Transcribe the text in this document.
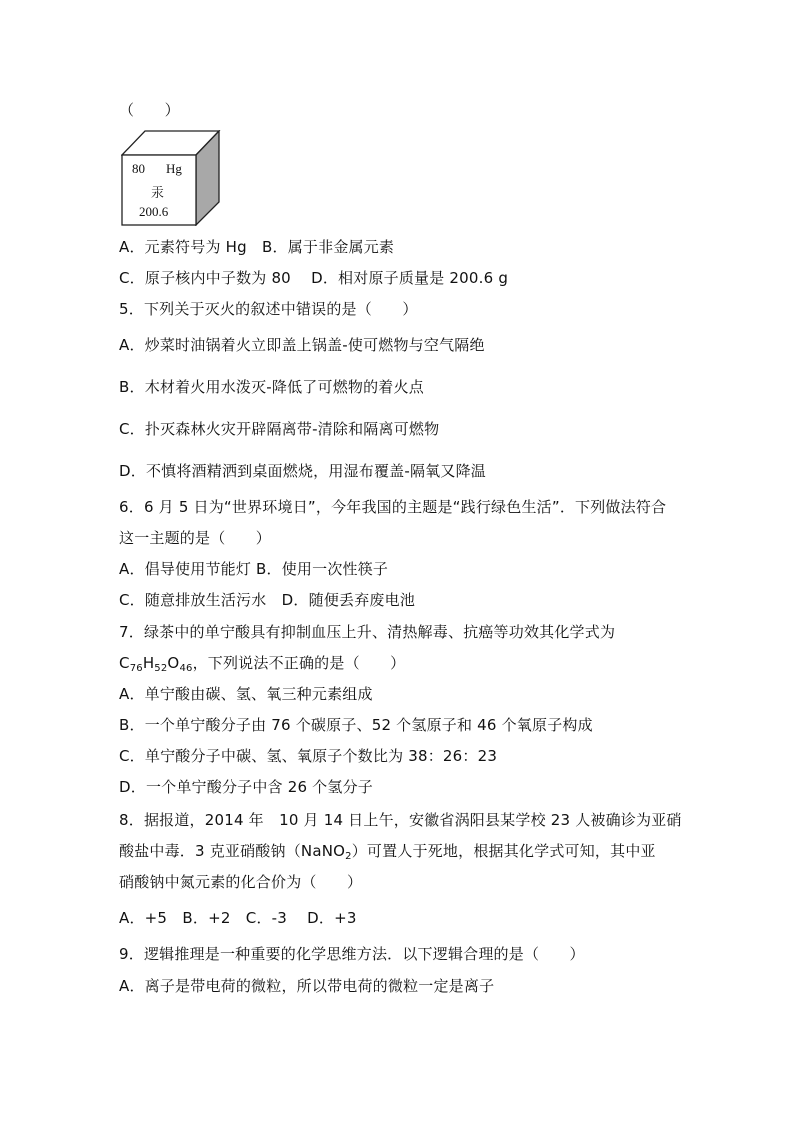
（　　）
80 Hg
汞
200.6
A．元素符号为 Hg　B．属于非金属元素
C．原子核内中子数为 80　 D．相对原子质量是 200.6 g
5．下列关于灭火的叙述中错误的是（　　）
A．炒菜时油锅着火立即盖上锅盖-使可燃物与空气隔绝
B．木材着火用水泼灭-降低了可燃物的着火点
C．扑灭森林火灾开辟隔离带-清除和隔离可燃物
D．不慎将酒精洒到桌面燃烧，用湿布覆盖-隔氧又降温
6．6 月 5 日为“世界环境日”，今年我国的主题是“践行绿色生活”．下列做法符合
这一主题的是（　　）
A．倡导使用节能灯 B．使用一次性筷子
C．随意排放生活污水　D．随便丢弃废电池
7．绿茶中的单宁酸具有抑制血压上升、清热解毒、抗癌等功效其化学式为
$C_{76}H_{52}O_{46}$，下列说法不正确的是（　　）
A．单宁酸由碳、氢、氧三种元素组成
B．一个单宁酸分子由 76 个碳原子、52 个氢原子和 46 个氧原子构成
C．单宁酸分子中碳、氢、氧原子个数比为 38：26：23
D．一个单宁酸分子中含 26 个氢分子
8．据报道，2014 年　10 月 14 日上午，安徽省涡阳县某学校 23 人被确诊为亚硝
酸盐中毒．3 克亚硝酸钠（NaNO$_2$）可置人于死地，根据其化学式可知，其中亚
硝酸钠中氮元素的化合价为（　　）
A．+5　B．+2　C．-3　 D．+3
9．逻辑推理是一种重要的化学思维方法．以下逻辑合理的是（　　）
A．离子是带电荷的微粒，所以带电荷的微粒一定是离子
